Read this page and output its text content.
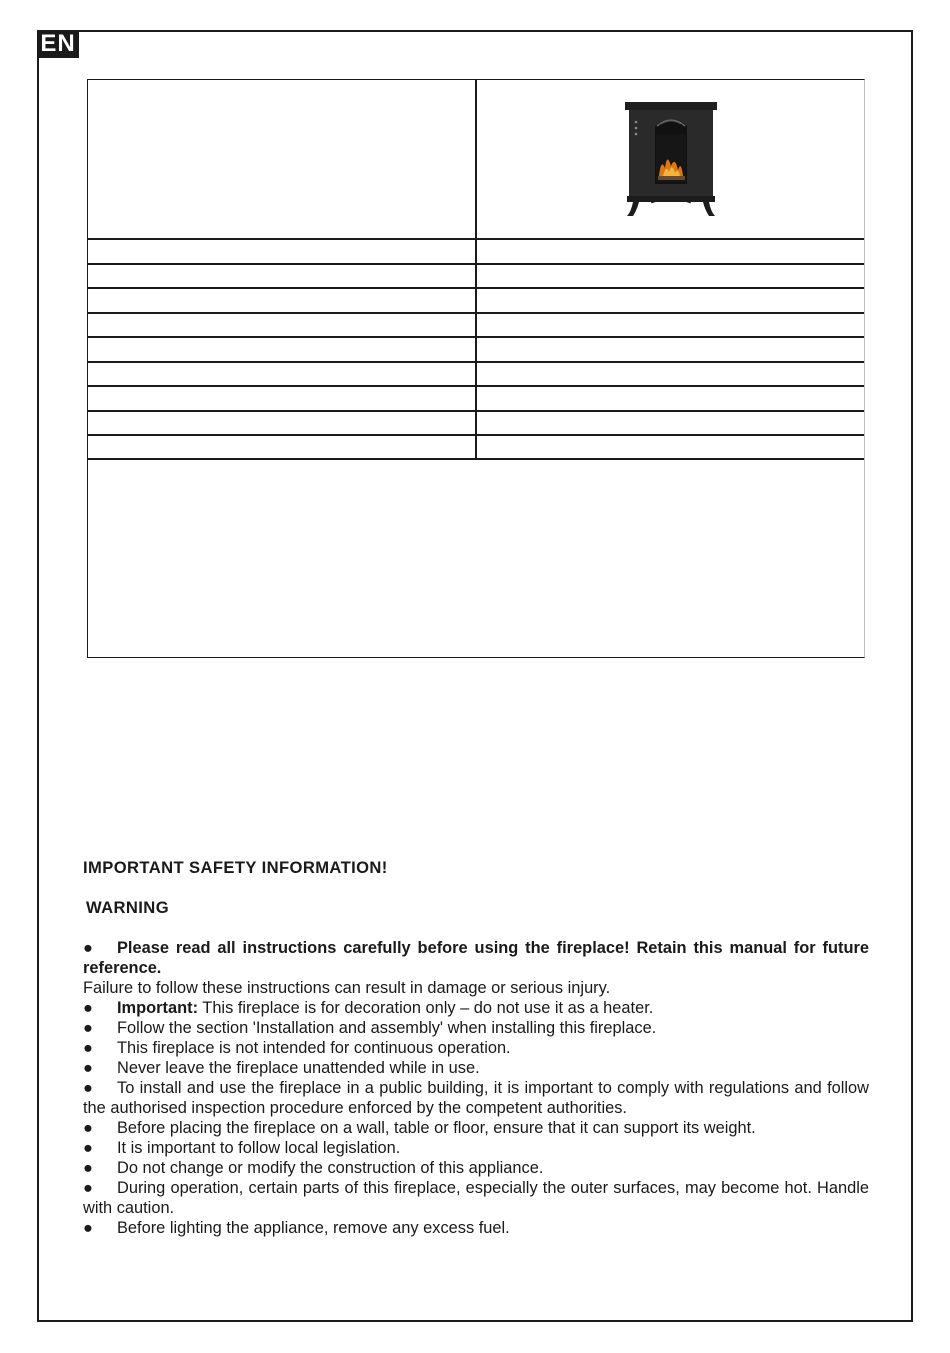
EN

IMPORTANT SAFETY INFORMATION!

WARNING

● Please read all instructions carefully before using the fireplace! Retain this manual for future reference.

Failure to follow these instructions can result in damage or serious injury.

● Important: This fireplace is for decoration only – do not use it as a heater.

● Follow the section 'Installation and assembly' when installing this fireplace.

● This fireplace is not intended for continuous operation.

● Never leave the fireplace unattended while in use.

● To install and use the fireplace in a public building, it is important to comply with regulations and follow the authorised inspection procedure enforced by the competent authorities.

● Before placing the fireplace on a wall, table or floor, ensure that it can support its weight.

● It is important to follow local legislation.

● Do not change or modify the construction of this appliance.

● During operation, certain parts of this fireplace, especially the outer surfaces, may become hot. Handle with caution.

● Before lighting the appliance, remove any excess fuel.
